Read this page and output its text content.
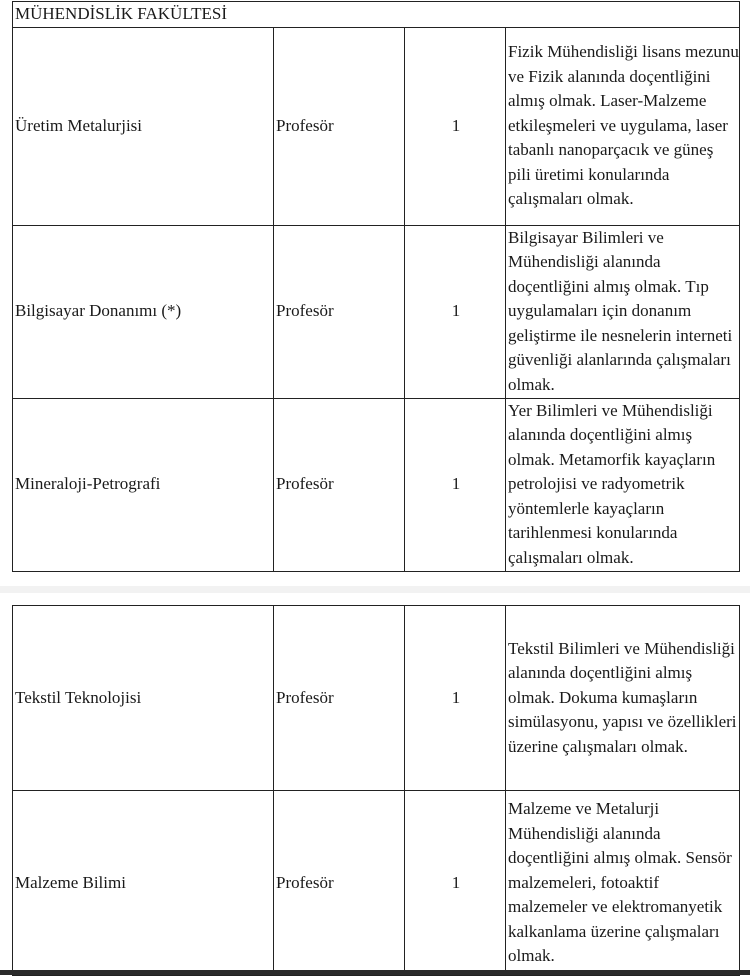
MÜHENDİSLİK FAKÜLTESİ			
Üretim Metalurjisi	Profesör	1	Fizik Mühendisliği lisans mezunu ve Fizik alanında doçentliğini almış olmak. Laser-Malzeme etkileşmeleri ve uygulama, laser tabanlı nanoparçacık ve güneş pili üretimi konularında çalışmaları olmak.
Bilgisayar Donanımı (*)	Profesör	1	Bilgisayar Bilimleri ve Mühendisliği alanında doçentliğini almış olmak. Tıp uygulamaları için donanım geliştirme ile nesnelerin interneti güvenliği alanlarında çalışmaları olmak.
Mineraloji-Petrografi	Profesör	1	Yer Bilimleri ve Mühendisliği alanında doçentliğini almış olmak. Metamorfik kayaçların petrolojisi ve radyometrik yöntemlerle kayaçların tarihlenmesi konularında çalışmaları olmak.
Tekstil Teknolojisi	Profesör	1	Tekstil Bilimleri ve Mühendisliği alanında doçentliğini almış olmak. Dokuma kumaşların simülasyonu, yapısı ve özellikleri üzerine çalışmaları olmak.
Malzeme Bilimi	Profesör	1	Malzeme ve Metalurji Mühendisliği alanında doçentliğini almış olmak. Sensör malzemeleri, fotoaktif malzemeler ve elektromanyetik kalkanlama üzerine çalışmaları olmak.
